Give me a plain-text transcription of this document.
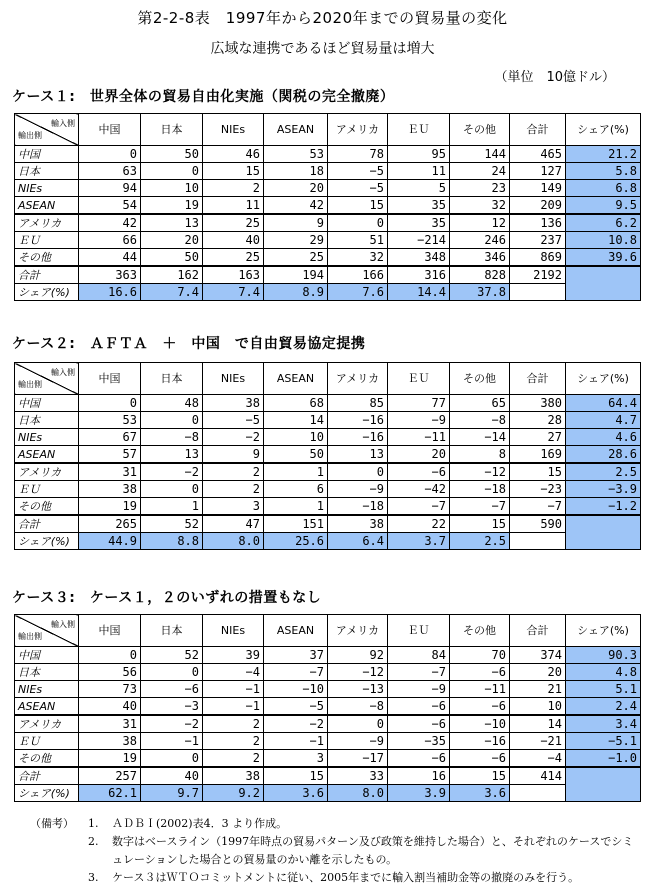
第2-2-8表　1997年から2020年までの貿易量の変化
広域な連携であるほど貿易量は増大
（単位　10億ドル）
ケース１:　世界全体の貿易自由化実施（関税の完全撤廃）
輸入側
輸出側	中国	日本	NIEs	ASEAN	アメリカ	ＥＵ	その他	合計	シェア(%)
中国	0	50	46	53	78	95	144	465	21.2
日本	63	0	15	18	−5	11	24	127	5.8
NIEs	94	10	2	20	−5	5	23	149	6.8
ASEAN	54	19	11	42	15	35	32	209	9.5
アメリカ	42	13	25	9	0	35	12	136	6.2
ＥＵ	66	20	40	29	51	−214	246	237	10.8
その他	44	50	25	25	32	348	346	869	39.6
合計	363	162	163	194	166	316	828	2192	
シェア(%)	16.6	7.4	7.4	8.9	7.6	14.4	37.8		
ケース２:　ＡＦＴＡ　＋　中国　で自由貿易協定提携
輸入側
輸出側	中国	日本	NIEs	ASEAN	アメリカ	ＥＵ	その他	合計	シェア(%)
中国	0	48	38	68	85	77	65	380	64.4
日本	53	0	−5	14	−16	−9	−8	28	4.7
NIEs	67	−8	−2	10	−16	−11	−14	27	4.6
ASEAN	57	13	9	50	13	20	8	169	28.6
アメリカ	31	−2	2	1	0	−6	−12	15	2.5
ＥＵ	38	0	2	6	−9	−42	−18	−23	−3.9
その他	19	1	3	1	−18	−7	−7	−7	−1.2
合計	265	52	47	151	38	22	15	590	
シェア(%)	44.9	8.8	8.0	25.6	6.4	3.7	2.5		
ケース３:　ケース１，２のいずれの措置もなし
輸入側
輸出側	中国	日本	NIEs	ASEAN	アメリカ	ＥＵ	その他	合計	シェア(%)
中国	0	52	39	37	92	84	70	374	90.3
日本	56	0	−4	−7	−12	−7	−6	20	4.8
NIEs	73	−6	−1	−10	−13	−9	−11	21	5.1
ASEAN	40	−3	−1	−5	−8	−6	−6	10	2.4
アメリカ	31	−2	2	−2	0	−6	−10	14	3.4
ＥＵ	38	−1	2	−1	−9	−35	−16	−21	−5.1
その他	19	0	2	3	−17	−6	−6	−4	−1.0
合計	257	40	38	15	33	16	15	414	
シェア(%)	62.1	9.7	9.2	3.6	8.0	3.9	3.6		
（備考）	1.	ＡＤＢＩ(2002)表4．3 より作成。
2.	数字はベースライン（1997年時点の貿易パターン及び政策を維持した場合）と、それぞれのケースでシミュレーションした場合との貿易量のかい離を示したもの。
3.	ケース３はＷＴＯコミットメントに従い、2005年までに輸入割当補助金等の撤廃のみを行う。
